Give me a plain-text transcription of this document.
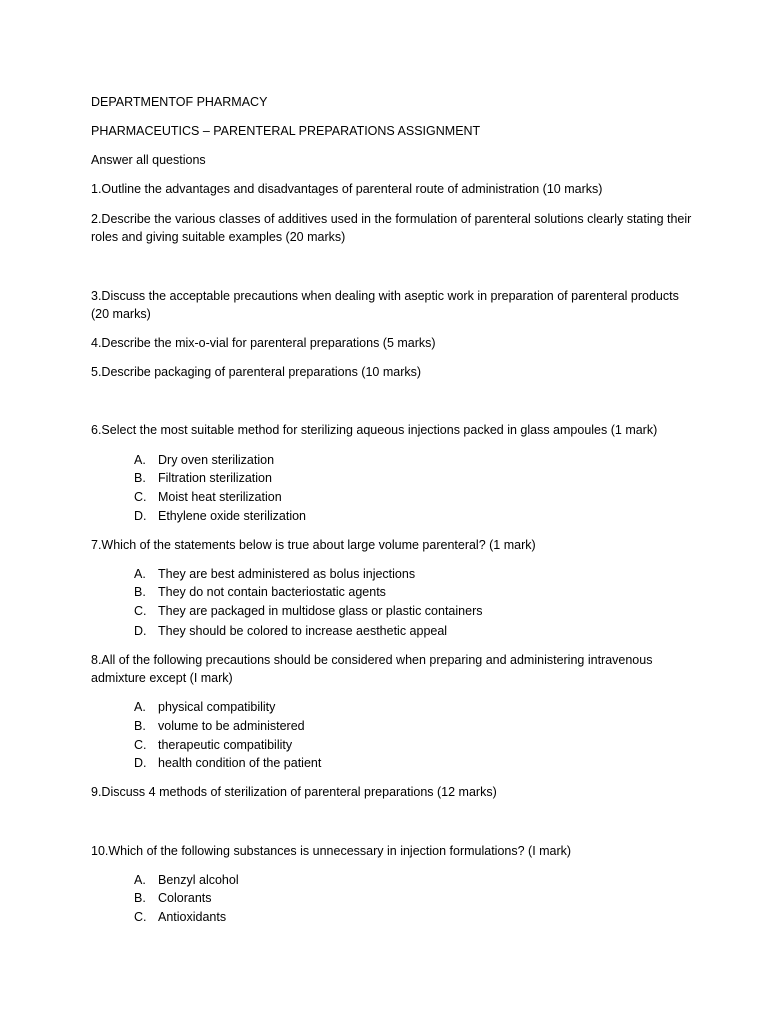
DEPARTMENTOF PHARMACY
PHARMACEUTICS – PARENTERAL PREPARATIONS ASSIGNMENT
Answer all questions
1.Outline the advantages and disadvantages of parenteral route of administration (10 marks)
2.Describe the various classes of additives used in the formulation of parenteral solutions clearly stating their roles and giving suitable examples (20 marks)
3.Discuss the acceptable precautions when dealing with aseptic work in preparation of parenteral products (20 marks)
4.Describe the mix-o-vial for parenteral preparations (5 marks)
5.Describe packaging of parenteral preparations (10 marks)
6.Select the most suitable method for sterilizing aqueous injections packed in glass ampoules (1 mark)
A. Dry oven sterilization
B. Filtration sterilization
C. Moist heat sterilization
D. Ethylene oxide sterilization
7.Which of the statements below is true about large volume parenteral? (1 mark)
A. They are best administered as bolus injections
B. They do not contain bacteriostatic agents
C. They are packaged in multidose glass or plastic containers
D. They should be colored to increase aesthetic appeal
8.All of the following precautions should be considered when preparing and administering intravenous admixture except (I mark)
A. physical compatibility
B. volume to be administered
C. therapeutic compatibility
D. health condition of the patient
9.Discuss 4 methods of sterilization of parenteral preparations (12 marks)
10.Which of the following substances is unnecessary in injection formulations? (I mark)
A. Benzyl alcohol
B. Colorants
C. Antioxidants
